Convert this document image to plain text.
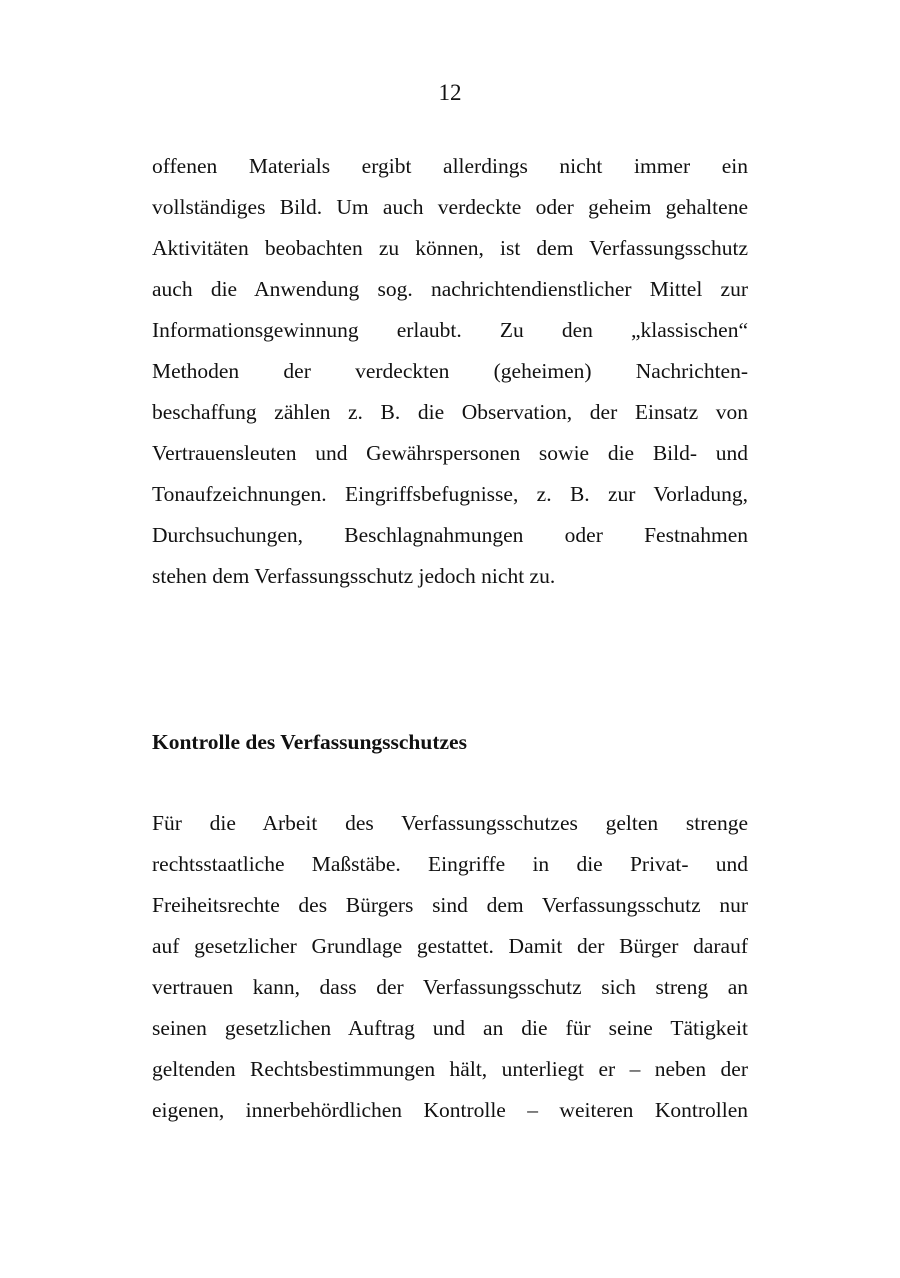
12
offenen Materials ergibt allerdings nicht immer ein
vollständiges Bild. Um auch verdeckte oder geheim gehaltene
Aktivitäten beobachten zu können, ist dem Verfassungsschutz
auch die Anwendung sog. nachrichtendienstlicher Mittel zur
Informationsgewinnung erlaubt. Zu den „klassischen“
Methoden der verdeckten (geheimen) Nachrichten-
beschaffung zählen z. B. die Observation, der Einsatz von
Vertrauensleuten und Gewährspersonen sowie die Bild- und
Tonaufzeichnungen. Eingriffsbefugnisse, z. B. zur Vorladung,
Durchsuchungen, Beschlagnahmungen oder Festnahmen
stehen dem Verfassungsschutz jedoch nicht zu.
Kontrolle des Verfassungsschutzes
Für die Arbeit des Verfassungsschutzes gelten strenge
rechtsstaatliche Maßstäbe. Eingriffe in die Privat- und
Freiheitsrechte des Bürgers sind dem Verfassungsschutz nur
auf gesetzlicher Grundlage gestattet. Damit der Bürger darauf
vertrauen kann, dass der Verfassungsschutz sich streng an
seinen gesetzlichen Auftrag und an die für seine Tätigkeit
geltenden Rechtsbestimmungen hält, unterliegt er – neben der
eigenen, innerbehördlichen Kontrolle – weiteren Kontrollen
